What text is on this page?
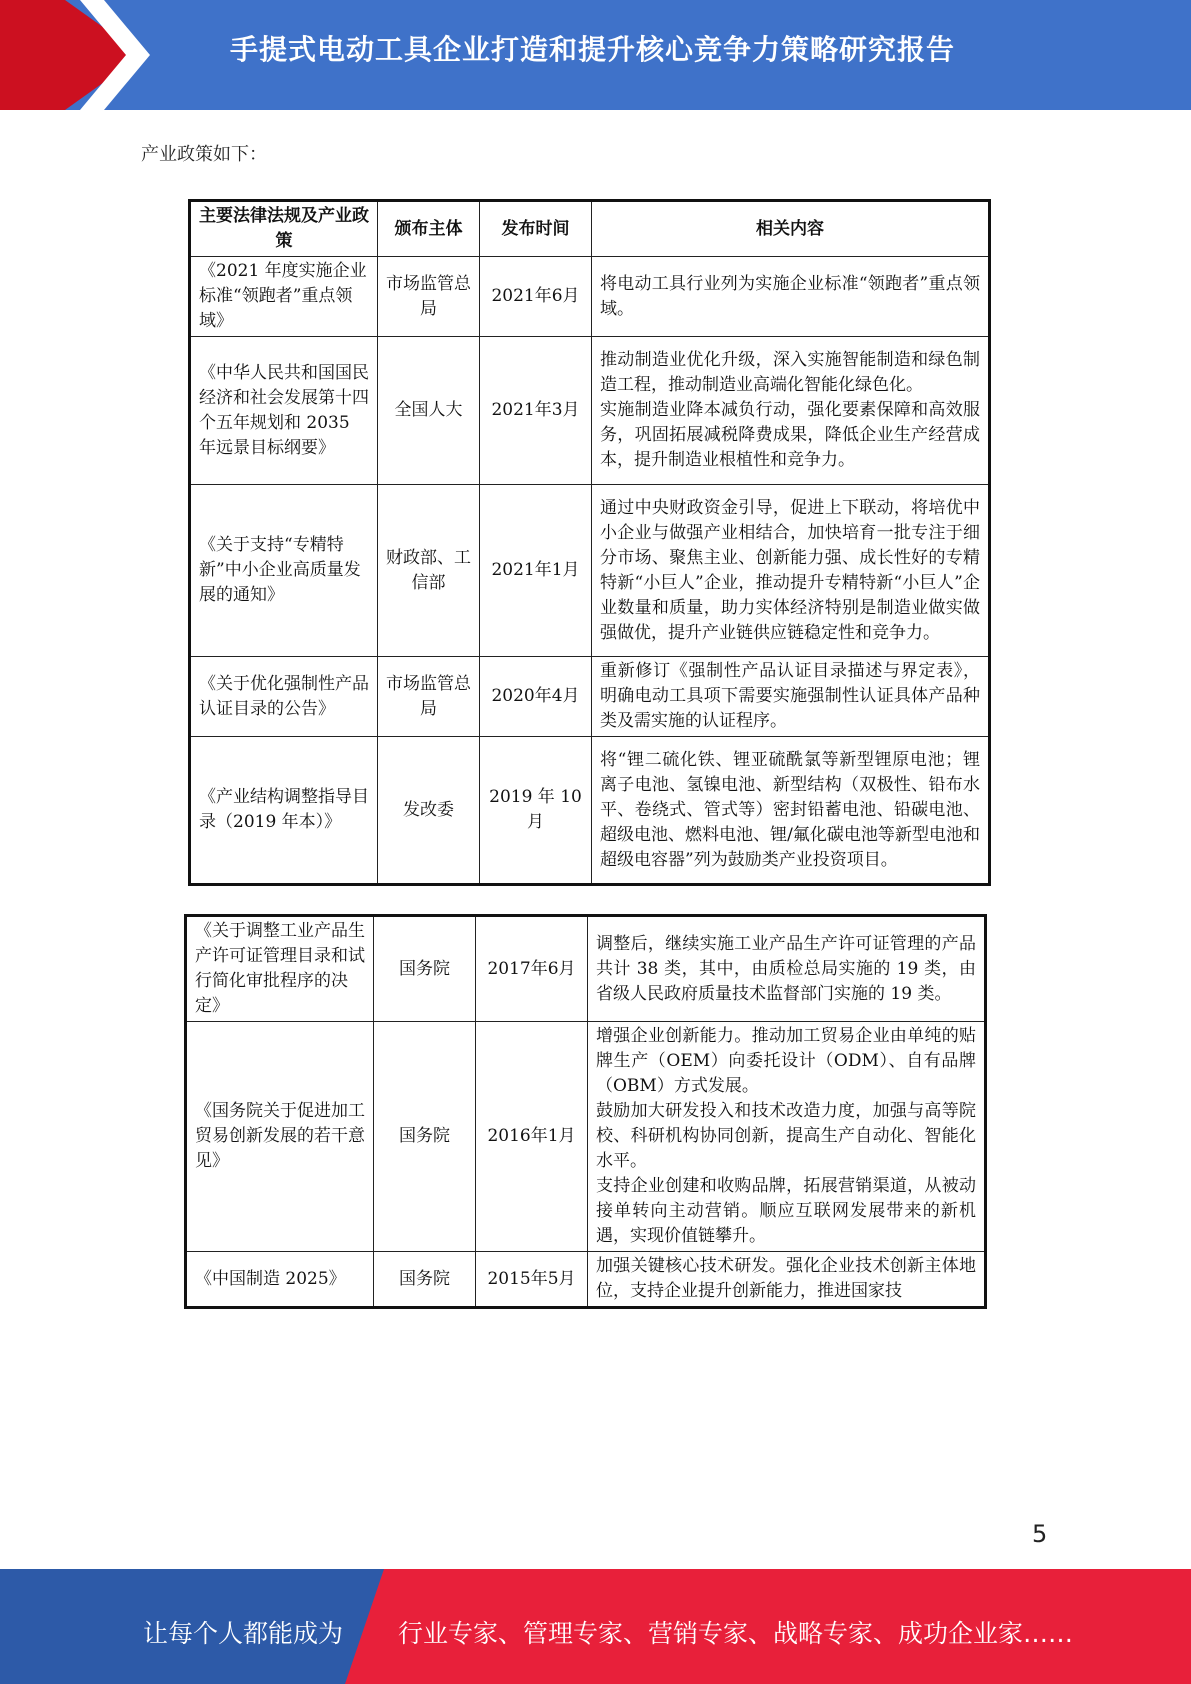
手提式电动工具企业打造和提升核心竞争力策略研究报告
产业政策如下：
主要法律法规及产业政策	颁布主体	发布时间	相关内容
《2021 年度实施企业标准“领跑者”重点领域》	市场监管总局	2021年6月	将电动工具行业列为实施企业标准“领跑者”重点领域。
《中华人民共和国国民经济和社会发展第十四个五年规划和 2035 年远景目标纲要》	全国人大	2021年3月	推动制造业优化升级，深入实施智能制造和绿色制造工程，推动制造业高端化智能化绿色化。
实施制造业降本减负行动，强化要素保障和高效服务，巩固拓展减税降费成果，降低企业生产经营成本，提升制造业根植性和竞争力。

《关于支持“专精特新”中小企业高质量发展的通知》	财政部、工信部	2021年1月	通过中央财政资金引导，促进上下联动，将培优中小企业与做强产业相结合，加快培育一批专注于细分市场、聚焦主业、创新能力强、成长性好的专精特新“小巨人”企业，推动提升专精特新“小巨人”企业数量和质量，助力实体经济特别是制造业做实做强做优，提升产业链供应链稳定性和竞争力。
《关于优化强制性产品认证目录的公告》	市场监管总局	2020年4月	重新修订《强制性产品认证目录描述与界定表》，明确电动工具项下需要实施强制性认证具体产品种类及需实施的认证程序。
《产业结构调整指导目录（2019 年本）》	发改委	2019 年 10 月	将“锂二硫化铁、锂亚硫酰氯等新型锂原电池；锂离子电池、氢镍电池、新型结构（双极性、铅布水平、卷绕式、管式等）密封铅蓄电池、铅碳电池、超级电池、燃料电池、锂/氟化碳电池等新型电池和超级电容器”列为鼓励类产业投资项目。
《关于调整工业产品生产许可证管理目录和试行简化审批程序的决定》	国务院	2017年6月	调整后，继续实施工业产品生产许可证管理的产品共计 38 类，其中，由质检总局实施的 19 类，由省级人民政府质量技术监督部门实施的 19 类。
《国务院关于促进加工贸易创新发展的若干意见》	国务院	2016年1月	增强企业创新能力。推动加工贸易企业由单纯的贴牌生产（OEM）向委托设计（ODM）、自有品牌（OBM）方式发展。
鼓励加大研发投入和技术改造力度，加强与高等院校、科研机构协同创新，提高生产自动化、智能化水平。
支持企业创建和收购品牌，拓展营销渠道，从被动接单转向主动营销。顺应互联网发展带来的新机遇，实现价值链攀升。

《中国制造 2025》	国务院	2015年5月	加强关键核心技术研发。强化企业技术创新主体地位，支持企业提升创新能力，推进国家技
5
让每个人都能成为 行业专家、管理专家、营销专家、战略专家、成功企业家……
